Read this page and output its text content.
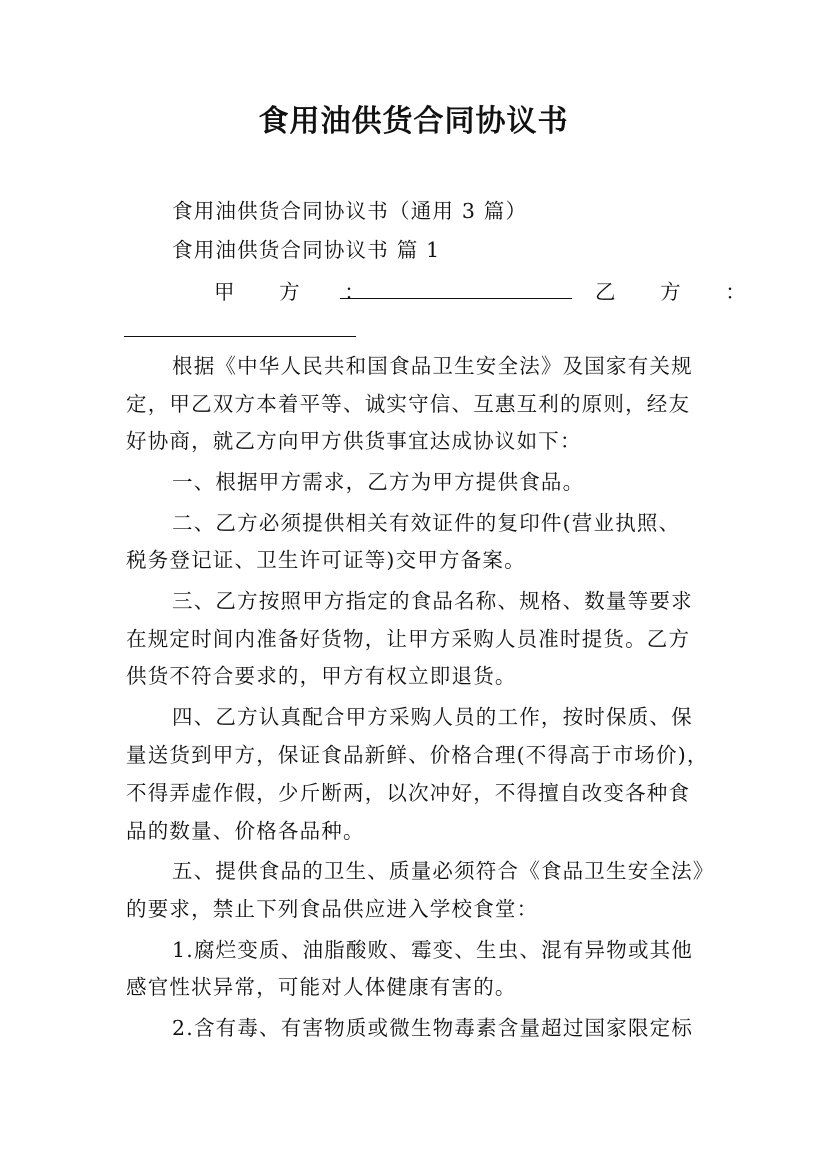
食用油供货合同协议书
食用油供货合同协议书（通用 3 篇）
食用油供货合同协议书 篇 1
甲　　方　　：	乙　　方　　：
根据《中华人民共和国食品卫生安全法》及国家有关规
定，甲乙双方本着平等、诚实守信、互惠互利的原则，经友
好协商，就乙方向甲方供货事宜达成协议如下：
一、根据甲方需求，乙方为甲方提供食品。
二、乙方必须提供相关有效证件的复印件(营业执照、
税务登记证、卫生许可证等)交甲方备案。
三、乙方按照甲方指定的食品名称、规格、数量等要求
在规定时间内准备好货物，让甲方采购人员准时提货。乙方
供货不符合要求的，甲方有权立即退货。
四、乙方认真配合甲方采购人员的工作，按时保质、保
量送货到甲方，保证食品新鲜、价格合理(不得高于市场价)，
不得弄虚作假，少斤断两，以次冲好，不得擅自改变各种食
品的数量、价格各品种。
五、提供食品的卫生、质量必须符合《食品卫生安全法》
的要求，禁止下列食品供应进入学校食堂：
1.腐烂变质、油脂酸败、霉变、生虫、混有异物或其他
感官性状异常，可能对人体健康有害的。
2.含有毒、有害物质或微生物毒素含量超过国家限定标
